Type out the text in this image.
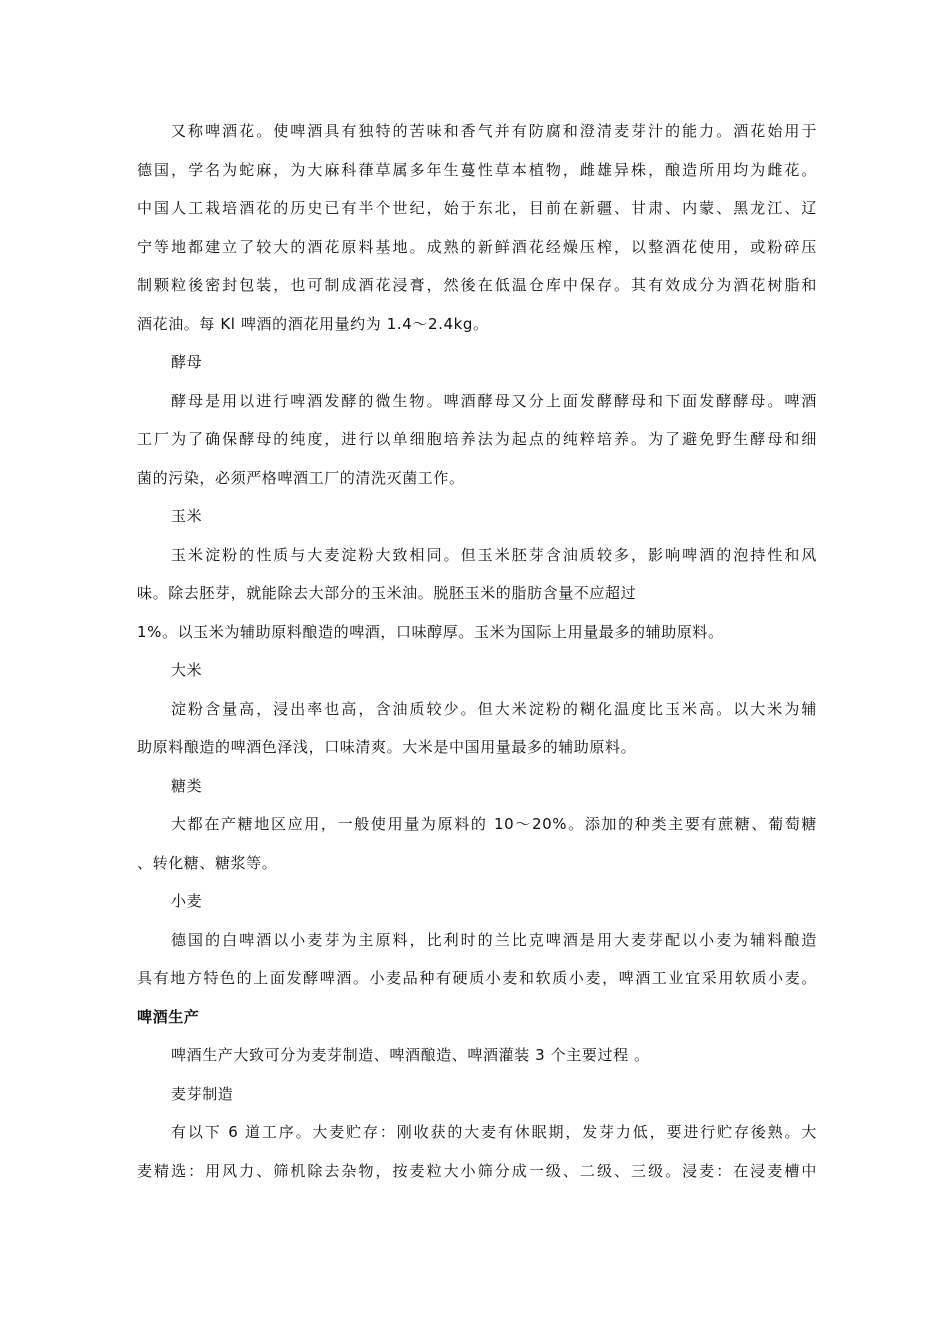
又称啤酒花。使啤酒具有独特的苦味和香气并有防腐和澄清麦芽汁的能力。酒花始用于
德国，学名为蛇麻，为大麻科葎草属多年生蔓性草本植物，雌雄异株，酿造所用均为雌花。
中国人工栽培酒花的历史已有半个世纪，始于东北，目前在新疆、甘肃、内蒙、黑龙江、辽
宁等地都建立了较大的酒花原料基地。成熟的新鲜酒花经燥压榨，以整酒花使用，或粉碎压
制颗粒後密封包装，也可制成酒花浸膏，然後在低温仓库中保存。其有效成分为酒花树脂和
酒花油。每 Kl 啤酒的酒花用量约为 1.4～2.4kg。
酵母
酵母是用以进行啤酒发酵的微生物。啤酒酵母又分上面发酵酵母和下面发酵酵母。啤酒
工厂为了确保酵母的纯度，进行以单细胞培养法为起点的纯粹培养。为了避免野生酵母和细
菌的污染，必须严格啤酒工厂的清洗灭菌工作。
玉米
玉米淀粉的性质与大麦淀粉大致相同。但玉米胚芽含油质较多，影响啤酒的泡持性和风
味。除去胚芽，就能除去大部分的玉米油。脱胚玉米的脂肪含量不应超过
1%。以玉米为辅助原料酿造的啤酒，口味醇厚。玉米为国际上用量最多的辅助原料。
大米
淀粉含量高，浸出率也高，含油质较少。但大米淀粉的糊化温度比玉米高。以大米为辅
助原料酿造的啤酒色泽浅，口味清爽。大米是中国用量最多的辅助原料。
糖类
大都在产糖地区应用，一般使用量为原料的 10～20%。添加的种类主要有蔗糖、葡萄糖
、转化糖、糖浆等。
小麦
德国的白啤酒以小麦芽为主原料，比利时的兰比克啤酒是用大麦芽配以小麦为辅料酿造
具有地方特色的上面发酵啤酒。小麦品种有硬质小麦和软质小麦，啤酒工业宜采用软质小麦。
啤酒生产
啤酒生产大致可分为麦芽制造、啤酒酿造、啤酒灌装 3 个主要过程 。
麦芽制造
有以下 6 道工序。大麦贮存：刚收获的大麦有休眠期，发芽力低，要进行贮存後熟。大
麦精选：用风力、筛机除去杂物，按麦粒大小筛分成一级、二级、三级。浸麦：在浸麦槽中
